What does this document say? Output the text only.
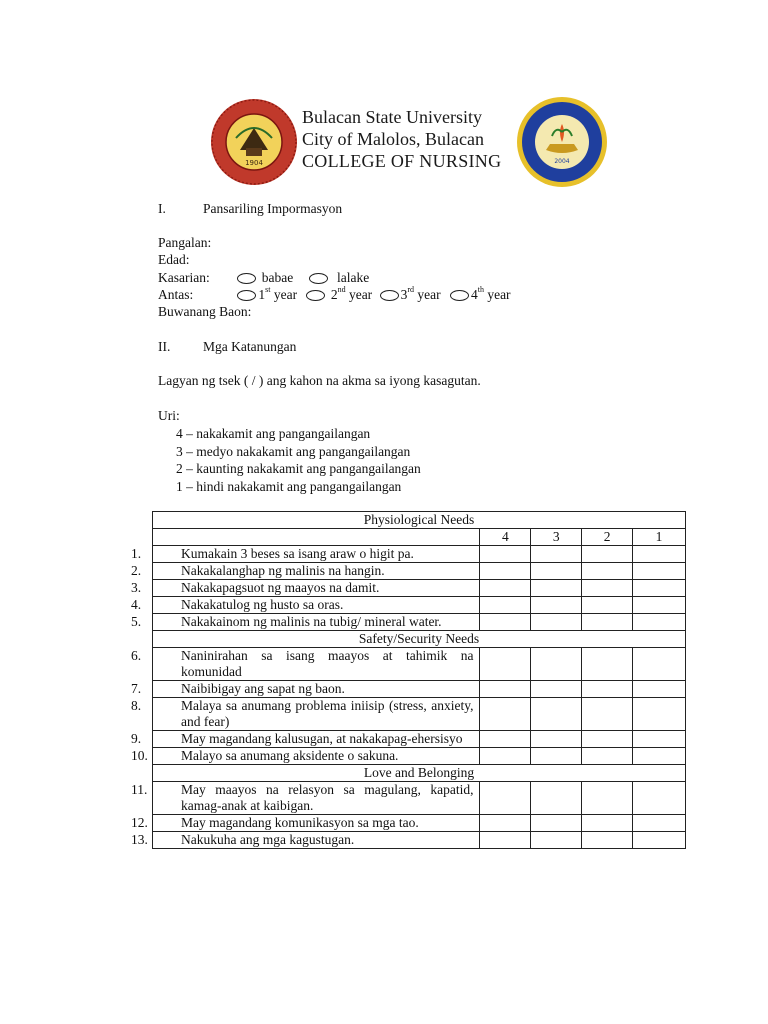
1904
Bulacan State University
City of Malolos, Bulacan
COLLEGE OF NURSING	2004
I.	Pansariling Impormasyon
Pangalan:
Edad:
Kasarian:	babae	lalake
Antas:	1st year	2nd year 3rd year 4th year
Buwanang Baon:
II. Mga Katanungan
Lagyan ng tsek ( / ) ang kahon na akma sa iyong kasagutan.
Uri:
4 – nakakamit ang pangangailangan
3 – medyo nakakamit ang pangangailangan
2 – kaunting nakakamit ang pangangailangan
1 – hindi nakakamit ang pangangailangan
Physiological Needs				
	4	3	2	1

1. Kumakain 3 beses sa isang araw o higit pa.				

2. Nakakalanghap ng malinis na hangin.				

3. Nakakapagsuot ng maayos na damit.				

4. Nakakatulog ng husto sa oras.				

5. Nakakainom ng malinis na tubig/ mineral water.				

Safety/Security Needs				

6. Naninirahan sa isang maayos at tahimik na komunidad				

7. Naibibigay ang sapat ng baon.				

8. Malaya sa anumang problema iniisip (stress, anxiety, and fear)				

9. May magandang kalusugan, at nakakapag-ehersisyo				

10. Malayo sa anumang aksidente o sakuna.				

Love and Belonging				

11. May maayos na relasyon sa magulang, kapatid, kamag-anak at kaibigan.				

12. May magandang komunikasyon sa mga tao.				

13. Nakukuha ang mga kagustugan.				
